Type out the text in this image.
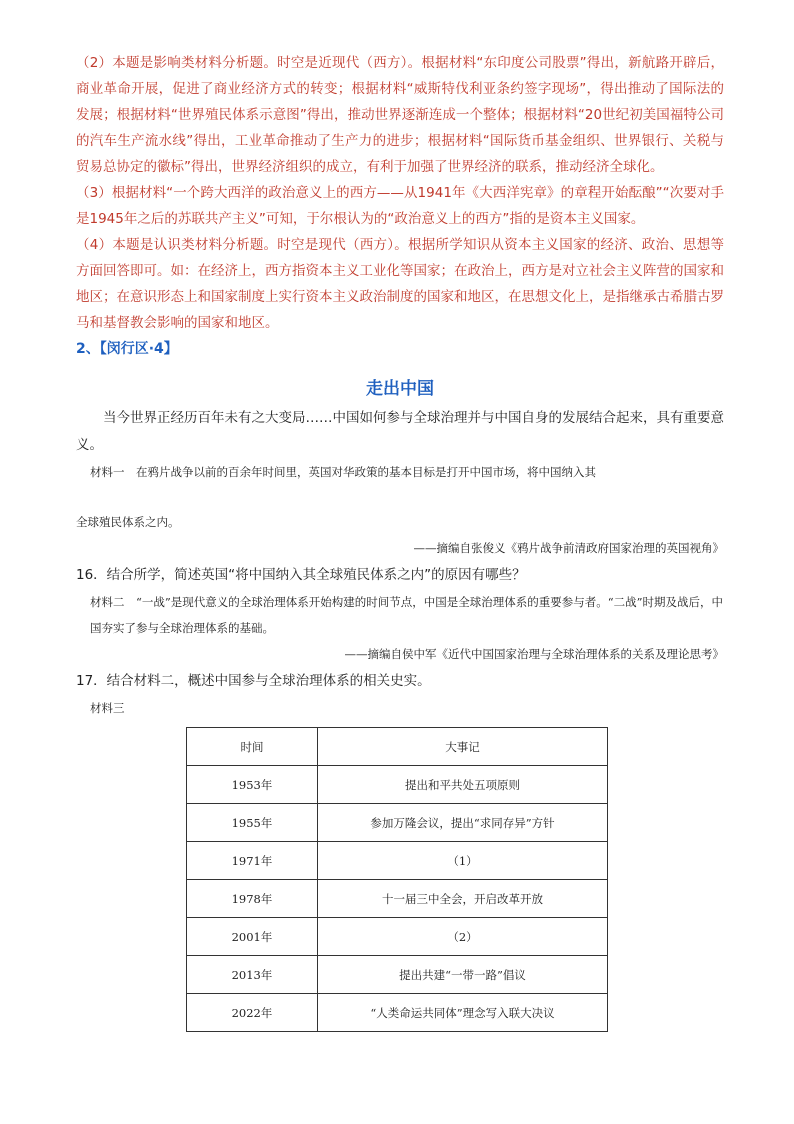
（2）本题是影响类材料分析题。时空是近现代（西方）。根据材料“东印度公司股票”得出，新航路开辟后，商业革命开展，促进了商业经济方式的转变；根据材料“威斯特伐利亚条约签字现场”，得出推动了国际法的发展；根据材料“世界殖民体系示意图”得出，推动世界逐渐连成一个整体；根据材料“20世纪初美国福特公司的汽车生产流水线”得出，工业革命推动了生产力的进步；根据材料“国际货币基金组织、世界银行、关税与贸易总协定的徽标”得出，世界经济组织的成立，有利于加强了世界经济的联系，推动经济全球化。

（3）根据材料“一个跨大西洋的政治意义上的西方——从1941年《大西洋宪章》的章程开始酝酿”“次要对手是1945年之后的苏联共产主义”可知，于尔根认为的“政治意义上的西方”指的是资本主义国家。

（4）本题是认识类材料分析题。时空是现代（西方）。根据所学知识从资本主义国家的经济、政治、思想等方面回答即可。如：在经济上，西方指资本主义工业化等国家；在政治上，西方是对立社会主义阵营的国家和地区；在意识形态上和国家制度上实行资本主义政治制度的国家和地区，在思想文化上，是指继承古希腊古罗马和基督教会影响的国家和地区。

2、【闵行区·4】
走出中国

当今世界正经历百年未有之大变局……中国如何参与全球治理并与中国自身的发展结合起来，具有重要意义。

材料一　在鸦片战争以前的百余年时间里，英国对华政策的基本目标是打开中国市场，将中国纳入其

全球殖民体系之内。

——摘编自张俊义《鸦片战争前清政府国家治理的英国视角》

16．结合所学，简述英国“将中国纳入其全球殖民体系之内”的原因有哪些？

材料二　“一战”是现代意义的全球治理体系开始构建的时间节点，中国是全球治理体系的重要参与者。“二战”时期及战后，中国夯实了参与全球治理体系的基础。

——摘编自侯中军《近代中国国家治理与全球治理体系的关系及理论思考》

17．结合材料二，概述中国参与全球治理体系的相关史实。

材料三

时间	大事记
1953年	提出和平共处五项原则
1955年	参加万隆会议，提出“求同存异”方针
1971年	（1）
1978年	十一届三中全会，开启改革开放
2001年	（2）
2013年	提出共建“一带一路”倡议
2022年	“人类命运共同体”理念写入联大决议
